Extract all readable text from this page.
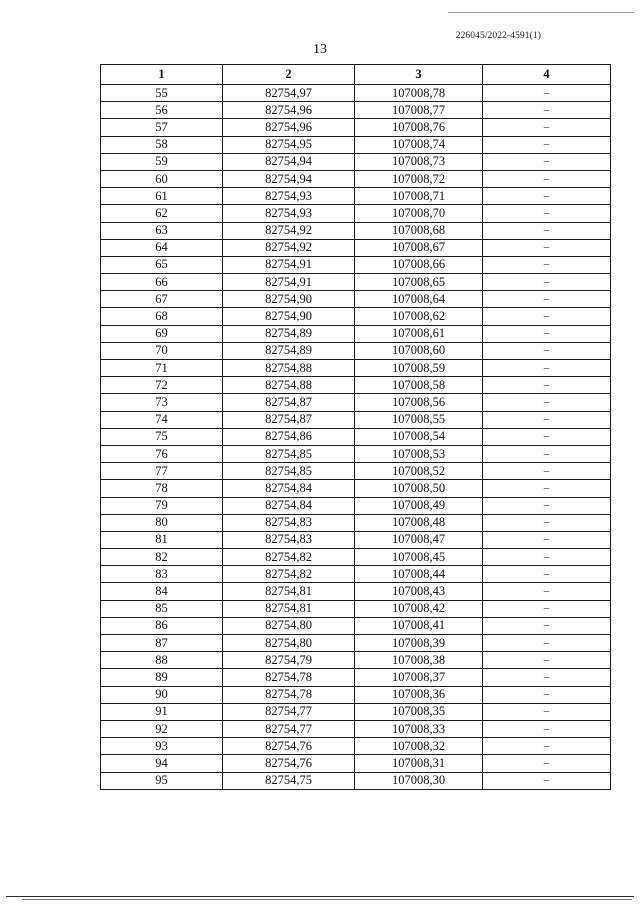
226045/2022-4591(1)
13
1	2	3	4
55	82754,97	107008,78	–
56	82754,96	107008,77	–
57	82754,96	107008,76	–
58	82754,95	107008,74	–
59	82754,94	107008,73	–
60	82754,94	107008,72	–
61	82754,93	107008,71	–
62	82754,93	107008,70	–
63	82754,92	107008,68	–
64	82754,92	107008,67	–
65	82754,91	107008,66	–
66	82754,91	107008,65	–
67	82754,90	107008,64	–
68	82754,90	107008,62	–
69	82754,89	107008,61	–
70	82754,89	107008,60	–
71	82754,88	107008,59	–
72	82754,88	107008,58	–
73	82754,87	107008,56	–
74	82754,87	107008,55	–
75	82754,86	107008,54	–
76	82754,85	107008,53	–
77	82754,85	107008,52	–
78	82754,84	107008,50	–
79	82754,84	107008,49	–
80	82754,83	107008,48	–
81	82754,83	107008,47	–
82	82754,82	107008,45	–
83	82754,82	107008,44	–
84	82754,81	107008,43	–
85	82754,81	107008,42	–
86	82754,80	107008,41	–
87	82754,80	107008,39	–
88	82754,79	107008,38	–
89	82754,78	107008,37	–
90	82754,78	107008,36	–
91	82754,77	107008,35	–
92	82754,77	107008,33	–
93	82754,76	107008,32	–
94	82754,76	107008,31	–
95	82754,75	107008,30	–
